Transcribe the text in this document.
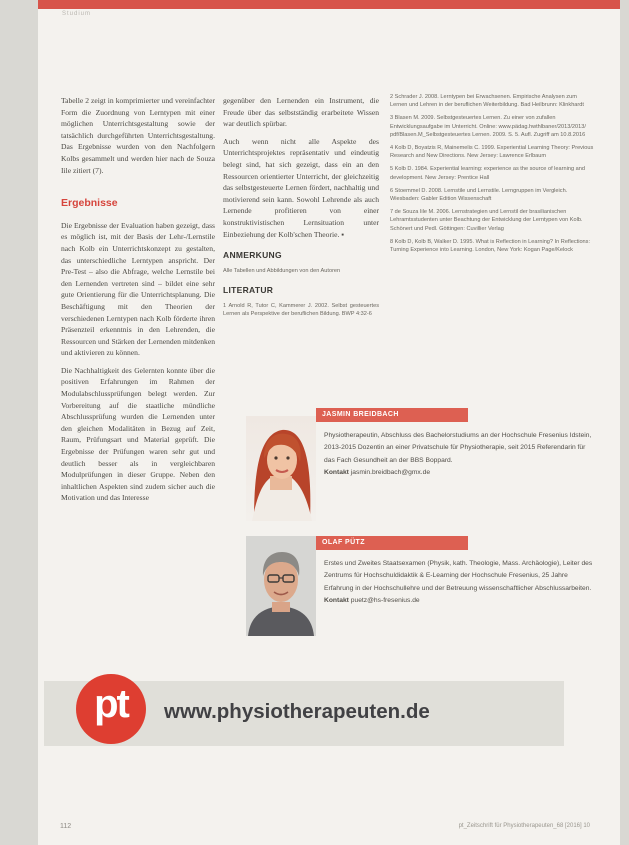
Studium

Tabelle 2 zeigt in komprimierter und vereinfachter Form die Zuordnung von Lerntypen mit einer möglichen Unterrichtsgestaltung sowie der tatsächlich durchgeführten Unterrichtsgestaltung. Das Ergebnisse wurden von den Nachfolgern Kolbs gesammelt und werden hier nach de Souza Iile zitiert (7).

Ergebnisse

Die Ergebnisse der Evaluation haben gezeigt, dass es möglich ist, mit der Basis der Lehr-/Lernstile nach Kolb ein Unterrichtskonzept zu gestalten, das unterschiedliche Lerntypen anspricht. Der Pre-Test – also die Abfrage, welche Lernstile bei den Lernenden vertreten sind – bildet eine sehr gute Orientierung für die Unterrichtsplanung. Die Beschäftigung mit den Theorien der verschiedenen Lerntypen nach Kolb förderte ihren Präsenzteil erkenntnis in den Lehrenden, die Ressourcen und Stärken der Lernenden mitdenken und aktivieren zu können.

Die Nachhaltigkeit des Gelernten konnte über die positiven Erfahrungen im Rahmen der Modulabschlussprüfungen belegt werden. Zur Vorbereitung auf die staatliche mündliche Abschlussprüfung wurden die Lernenden unter den gleichen Modalitäten in Bezug auf Zeit, Raum, Prüfungsart und Material geprüft. Die Ergebnisse der Prüfungen waren sehr gut und deutlich besser als in vergleichbaren Modulprüfungen in dieser Gruppe. Neben den inhaltlichen Aspekten sind zudem sicher auch die Motivation und das Interesse

gegenüber den Lernenden ein Instrument, die Freude über das selbstständig erarbeitete Wissen war deutlich spürbar.

Auch wenn nicht alle Aspekte des Unterrichtsprojektes repräsentativ und eindeutig belegt sind, hat sich gezeigt, dass ein an den Ressourcen orientierter Unterricht, der gleichzeitig das selbstgesteuerte Lernen fördert, nachhaltig und motivierend sein kann. Sowohl Lehrende als auch Lernende profitieren von einer konstruktivistischen Lernsituation unter Einbeziehung der Kolb'schen Theorie. ▪

ANMERKUNG
Alle Tabellen und Abbildungen von den Autoren
LITERATUR
1 Arnold R, Tutor C, Kammerer J. 2002. Selbst gesteuertes Lernen als Perspektive der beruflichen Bildung. BWP 4:32-6
2 Schrader J. 2008. Lerntypen bei Erwachsenen. Empirische Analysen zum Lernen und Lehren in der beruflichen Weiterbildung. Bad Heilbrunn: Klinkhardt
3 Blasen M. 2009. Selbstgesteuertes Lernen. Zu einer von zufallen Entwicklungsaufgabe im Unterricht. Online: www.pädag.hwthlbaner/2013/2013/ pdf/Blasen.M_Selbstgesteuertes Lernen. 2009. S. 5. Aufl. Zugriff am 10.8.2016
4 Kolb D, Boyatzis R, Mainemelis C. 1999. Experiential Learning Theory: Previous Research and New Directions. New Jersey: Lawrence Erlbaum
5 Kolb D. 1984. Experiential learning: experience as the source of learning and development. New Jersey: Prentice Hall
6 Stoemmel D. 2008. Lernstile und Lernstile. Lerngruppen im Vergleich. Wiesbaden: Gabler Edition Wissenschaft
7 de Souza Iile M. 2006. Lernstrategien und Lernstil der brasilianischen Lehramtsstudenten unter Beachtung der Entwicklung der Lerntypen von Kolb. Schönert und Pedl. Göttingen: Cuvillier Verlag
8 Kolb D, Kolb B, Walker D. 1995. What is Reflection in Learning? In Reflections: Turning Experience into Learning. London, New York: Kogan Page/Kelock
JASMIN BREIDBACH
Physiotherapeutin, Abschluss des Bachelorstudiums an der Hochschule Fresenius Idstein, 2013-2015 Dozentin an einer Privatschule für Physiotherapie, seit 2015 Referendarin für das Fach Gesundheit an der BBS Boppard.
Kontakt jasmin.breidbach@gmx.de
OLAF PÜTZ
Erstes und Zweites Staatsexamen (Physik, kath. Theologie, Mass. Archäologie), Leiter des Zentrums für Hochschuldidaktik & E-Learning der Hochschule Fresenius, 25 Jahre Erfahrung in der Hochschullehre und der Betreuung wissenschaftlicher Abschlussarbeiten.
Kontakt puetz@hs-fresenius.de
112	pt_Zeitschrift für Physiotherapeuten_68 [2016] 10
pt	www.physiotherapeuten.de
